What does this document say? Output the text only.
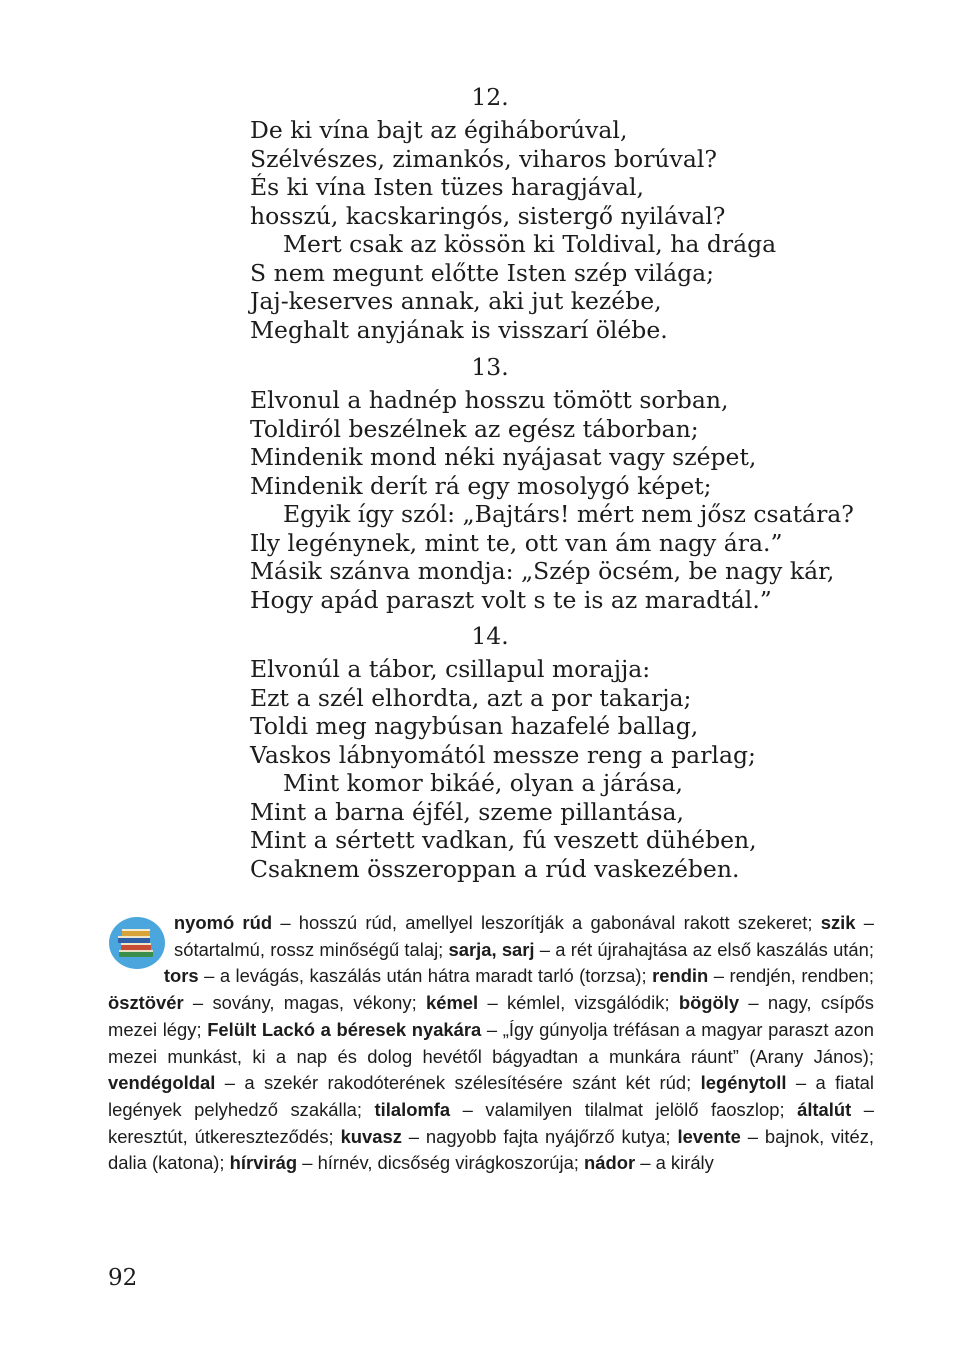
12.
De ki vína bajt az égiháborúval,
Szélvészes, zimankós, viharos borúval?
És ki vína Isten tüzes haragjával,
hosszú, kacskaringós, sistergő nyilával?
Mert csak az kössön ki Toldival, ha drága
S nem megunt előtte Isten szép világa;
Jaj-keserves annak, aki jut kezébe,
Meghalt anyjának is visszarí ölébe.
13.
Elvonul a hadnép hosszu tömött sorban,
Toldiról beszélnek az egész táborban;
Mindenik mond néki nyájasat vagy szépet,
Mindenik derít rá egy mosolygó képet;
Egyik így szól: „Bajtárs! mért nem jősz csatára?
Ily legénynek, mint te, ott van ám nagy ára.”
Másik szánva mondja: „Szép öcsém, be nagy kár,
Hogy apád paraszt volt s te is az maradtál.”
14.
Elvonúl a tábor, csillapul morajja:
Ezt a szél elhordta, azt a por takarja;
Toldi meg nagybúsan hazafelé ballag,
Vaskos lábnyomától messze reng a parlag;
Mint komor bikáé, olyan a járása,
Mint a barna éjfél, szeme pillantása,
Mint a sértett vadkan, fú veszett dühében,
Csaknem összeroppan a rúd vaskezében.
nyomó rúd – hosszú rúd, amellyel leszorítják a gabonával rakott szekeret; szik – sótartalmú, rossz minőségű talaj; sarja, sarj – a rét újrahajtása az első kaszálás után; tors – a levágás, kaszálás után hátra maradt tarló (torzsa); rendin – rendjén, rendben; ösztövér – sovány, magas, vékony; kémel – kémlel, vizsgálódik; bögöly – nagy, csípős mezei légy; Felült Lackó a béresek nyakára – „Így gúnyolja tréfásan a magyar paraszt azon mezei munkást, ki a nap és dolog hevétől bágyadtan a munkára ráunt” (Arany János); vendégoldal – a szekér rakodóterének szélesítésére szánt két rúd; legénytoll – a fiatal legények pelyhedző szakálla; tilalomfa – valamilyen tilalmat jelölő faoszlop; általút – keresztút, útkereszteződés; kuvasz – nagyobb fajta nyájőrző kutya; levente – bajnok, vitéz, dalia (katona); hírvirág – hírnév, dicsőség virágkoszorúja; nádor – a király
92
